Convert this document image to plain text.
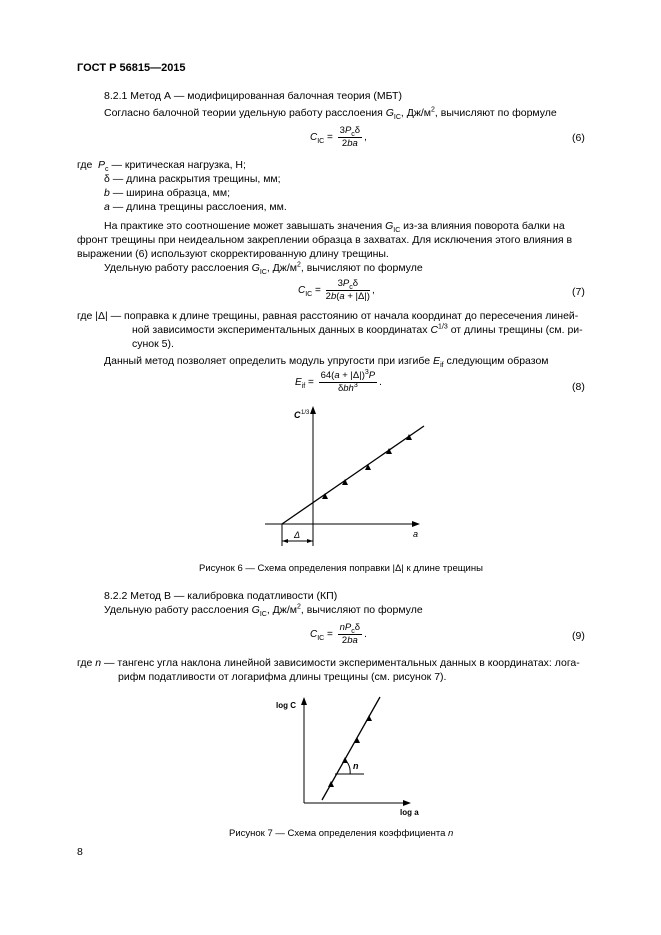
ГОСТ Р 56815—2015
8.2.1 Метод А — модифицированная балочная теория (МБТ)
Согласно балочной теории удельную работу расслоения $G_{IC}$, $Дж/м^2$, вычисляют по формуле
$C_{IC} = \frac{3P_c\delta}{2ba}$ ,	(6)
где $P_c$ — критическая нагрузка, Н;
δ — длина раскрытия трещины, мм;
b — ширина образца, мм;
a — длина трещины расслоения, мм.
На практике это соотношение может завышать значения $G_{IC}$ из-за влияния поворота балки на
фронт трещины при неидеальном закреплении образца в захватах. Для исключения этого влияния в
выражении (6) используют скорректированную длину трещины.
Удельную работу расслоения $G_{IC}$, $Дж/м^2$, вычисляют по формуле
$C_{IC} = \frac{3P_c\delta}{2b(a + |\Delta|)}$ ,	(7)
где |Δ| — поправка к длине трещины, равная расстоянию от начала координат до пересечения линей-
ной зависимости экспериментальных данных в координатах $C^{1/3}$ от длины трещины (см. ри-
сунок 5).
Данный метод позволяет определить модуль упругости при изгибе $E_{if}$ следующим образом
$E_{if} = \frac{64(a + |\Delta|)^3P}{\delta bh^3}$ .	(8)
Δ
C 1/3
a
Рисунок 6 — Схема определения поправки |Δ| к длине трещины
8.2.2 Метод В — калибровка податливости (КП)
Удельную работу расслоения $G_{IC}$, $Дж/м^2$, вычисляют по формуле
$C_{IC} = \frac{nP_c\delta}{2ba}$ .	(9)
где n — тангенс угла наклона линейной зависимости экспериментальных данных в координатах: лога-
рифм податливости от логарифма длины трещины (см. рисунок 7).
n
log C
log a
Рисунок 7 — Схема определения коэффициента n
8
